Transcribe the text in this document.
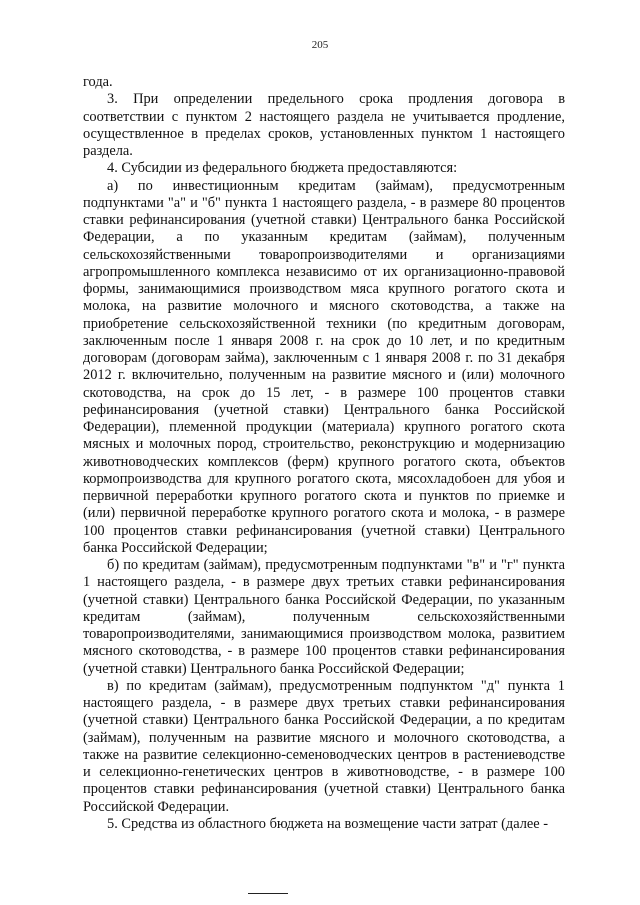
205

года.

3. При определении предельного срока продления договора в соответствии с пунктом 2 настоящего раздела не учитывается продление, осуществленное в пределах сроков, установленных пунктом 1 настоящего раздела.

4. Субсидии из федерального бюджета предоставляются:

а) по инвестиционным кредитам (займам), предусмотренным подпунктами "а" и "б" пункта 1 настоящего раздела, - в размере 80 процентов ставки рефинансирования (учетной ставки) Центрального банка Российской Федерации, а по указанным кредитам (займам), полученным сельскохозяйственными товаропроизводителями и организациями агропромышленного комплекса независимо от их организационно-правовой формы, занимающимися производством мяса крупного рогатого скота и молока, на развитие молочного и мясного скотоводства, а также на приобретение сельскохозяйственной техники (по кредитным договорам, заключенным после 1 января 2008 г. на срок до 10 лет, и по кредитным договорам (договорам займа), заключенным с 1 января 2008 г. по 31 декабря 2012 г. включительно, полученным на развитие мясного и (или) молочного скотоводства, на срок до 15 лет, - в размере 100 процентов ставки рефинансирования (учетной ставки) Центрального банка Российской Федерации), племенной продукции (материала) крупного рогатого скота мясных и молочных пород, строительство, реконструкцию и модернизацию животноводческих комплексов (ферм) крупного рогатого скота, объектов кормопроизводства для крупного рогатого скота, мясохладобоен для убоя и первичной переработки крупного рогатого скота и пунктов по приемке и (или) первичной переработке крупного рогатого скота и молока, - в размере 100 процентов ставки рефинансирования (учетной ставки) Центрального банка Российской Федерации;

б) по кредитам (займам), предусмотренным подпунктами "в" и "г" пункта 1 настоящего раздела, - в размере двух третьих ставки рефинансирования (учетной ставки) Центрального банка Российской Федерации, по указанным кредитам (займам), полученным сельскохозяйственными товаропроизводителями, занимающимися производством молока, развитием мясного скотоводства, - в размере 100 процентов ставки рефинансирования (учетной ставки) Центрального банка Российской Федерации;

в) по кредитам (займам), предусмотренным подпунктом "д" пункта 1 настоящего раздела, - в размере двух третьих ставки рефинансирования (учетной ставки) Центрального банка Российской Федерации, а по кредитам (займам), полученным на развитие мясного и молочного скотоводства, а также на развитие селекционно-семеноводческих центров в растениеводстве и селекционно-генетических центров в животноводстве, - в размере 100 процентов ставки рефинансирования (учетной ставки) Центрального банка Российской Федерации.

5. Средства из областного бюджета на возмещение части затрат (далее -
